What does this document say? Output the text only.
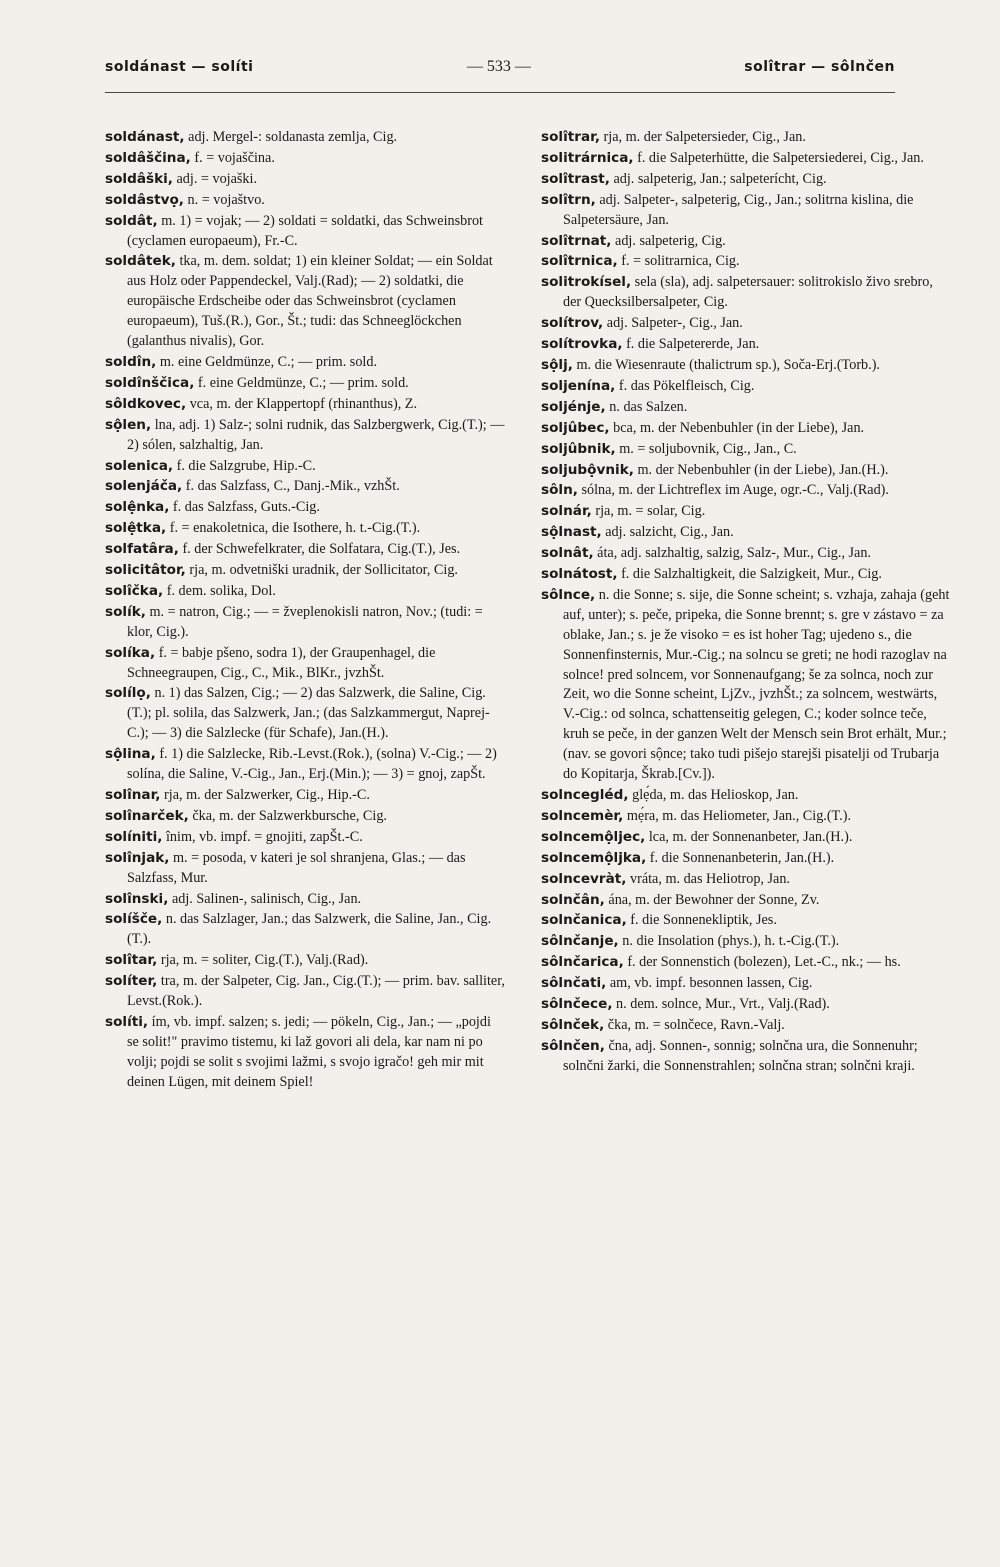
soldánast — solíti	— 533 —	solîtrar — sôlnčen
soldánast, adj. Mergel-: soldanasta zemlja, Cig.
soldâščina, f. = vojaščina.
soldâški, adj. = vojaški.
soldâstvọ, n. = vojaštvo.
soldât, m. 1) = vojak; — 2) soldati = soldatki, das Schweinsbrot (cyclamen europaeum), Fr.-C.
soldâtek, tka, m. dem. soldat; 1) ein kleiner Soldat; — ein Soldat aus Holz oder Pappendeckel, Valj.(Rad); — 2) soldatki, die europäische Erdscheibe oder das Schweinsbrot (cyclamen europaeum), Tuš.(R.), Gor., Št.; tudi: das Schneeglöckchen (galanthus nivalis), Gor.
soldîn, m. eine Geldmünze, C.; — prim. sold.
soldînščica, f. eine Geldmünze, C.; — prim. sold.
sôldkovec, vca, m. der Klappertopf (rhinanthus), Z.
sộlen, lna, adj. 1) Salz-; solni rudnik, das Salzbergwerk, Cig.(T.); — 2) sólen, salzhaltig, Jan.
solenica, f. die Salzgrube, Hip.-C.
solenjáča, f. das Salzfass, C., Danj.-Mik., vzhŠt.
solệnka, f. das Salzfass, Guts.-Cig.
solệtka, f. = enakoletnica, die Isothere, h. t.-Cig.(T.).
solfatâra, f. der Schwefelkrater, die Solfatara, Cig.(T.), Jes.
solicitâtor, rja, m. odvetniški uradnik, der Sollicitator, Cig.
solîčka, f. dem. solika, Dol.
solík, m. = natron, Cig.; — = žveplenokisli natron, Nov.; (tudi: = klor, Cig.).
solíka, f. = babje pšeno, sodra 1), der Graupenhagel, die Schneegraupen, Cig., C., Mik., BlKr., jvzhŠt.
solílọ, n. 1) das Salzen, Cig.; — 2) das Salzwerk, die Saline, Cig.(T.); pl. solila, das Salzwerk, Jan.; (das Salzkammergut, Naprej-C.); — 3) die Salzlecke (für Schafe), Jan.(H.).
sộlina, f. 1) die Salzlecke, Rib.-Levst.(Rok.), (solna) V.-Cig.; — 2) solína, die Saline, V.-Cig., Jan., Erj.(Min.); — 3) = gnoj, zapŠt.
solînar, rja, m. der Salzwerker, Cig., Hip.-C.
solînarček, čka, m. der Salzwerkbursche, Cig.
solíniti, înim, vb. impf. = gnojiti, zapŠt.-C.
solînjak, m. = posoda, v kateri je sol shranjena, Glas.; — das Salzfass, Mur.
solînski, adj. Salinen-, salinisch, Cig., Jan.
solíšče, n. das Salzlager, Jan.; das Salzwerk, die Saline, Jan., Cig.(T.).
solîtar, rja, m. = soliter, Cig.(T.), Valj.(Rad).
solíter, tra, m. der Salpeter, Cig. Jan., Cig.(T.); — prim. bav. salliter, Levst.(Rok.).
solíti, ím, vb. impf. salzen; s. jedi; — pökeln, Cig., Jan.; — „pojdi se solit!" pravimo tistemu, ki laž govori ali dela, kar nam ni po volji; pojdi se solit s svojimi lažmi, s svojo igračo! geh mir mit deinen Lügen, mit deinem Spiel!
solîtrar, rja, m. der Salpetersieder, Cig., Jan.
solitrárnica, f. die Salpeterhütte, die Salpetersiederei, Cig., Jan.
solîtrast, adj. salpeterig, Jan.; salpeterícht, Cig.
solîtrn, adj. Salpeter-, salpeterig, Cig., Jan.; solitrna kislina, die Salpetersäure, Jan.
solîtrnat, adj. salpeterig, Cig.
solîtrnica, f. = solitrarnica, Cig.
solitrokísel, sela (sla), adj. salpetersauer: solitrokislo živo srebro, der Quecksilbersalpeter, Cig.
solítrov, adj. Salpeter-, Cig., Jan.
solítrovka, f. die Salpetererde, Jan.
sộlj, m. die Wiesenraute (thalictrum sp.), Soča-Erj.(Torb.).
soljenína, f. das Pökelfleisch, Cig.
soljénje, n. das Salzen.
soljûbec, bca, m. der Nebenbuhler (in der Liebe), Jan.
soljûbnik, m. = soljubovnik, Cig., Jan., C.
soljubộvnik, m. der Nebenbuhler (in der Liebe), Jan.(H.).
sôln, sólna, m. der Lichtreflex im Auge, ogr.-C., Valj.(Rad).
solnár, rja, m. = solar, Cig.
sộlnast, adj. salzicht, Cig., Jan.
solnât, áta, adj. salzhaltig, salzig, Salz-, Mur., Cig., Jan.
solnátost, f. die Salzhaltigkeit, die Salzigkeit, Mur., Cig.
sôlnce, n. die Sonne; s. sije, die Sonne scheint; s. vzhaja, zahaja (geht auf, unter); s. peče, pripeka, die Sonne brennt; s. gre v zástavo = za oblake, Jan.; s. je že visoko = es ist hoher Tag; ujedeno s., die Sonnenfinsternis, Mur.-Cig.; na solncu se greti; ne hodi razoglav na solnce! pred solncem, vor Sonnenaufgang; še za solnca, noch zur Zeit, wo die Sonne scheint, LjZv., jvzhŠt.; za solncem, westwärts, V.-Cig.: od solnca, schattenseitig gelegen, C.; koder solnce teče, kruh se peče, in der ganzen Welt der Mensch sein Brot erhält, Mur.; (nav. se govori sộnce; tako tudi pišejo starejši pisatelji od Trubarja do Kopitarja, Škrab.[Cv.]).
solncegléd, glẹ́da, m. das Helioskop, Jan.
solncemèr, mẹ́ra, m. das Heliometer, Jan., Cig.(T.).
solncemộljec, lca, m. der Sonnenanbeter, Jan.(H.).
solncemộljka, f. die Sonnenanbeterin, Jan.(H.).
solncevràt, vráta, m. das Heliotrop, Jan.
solnčân, ána, m. der Bewohner der Sonne, Zv.
solnčanica, f. die Sonnenekliptik, Jes.
sôlnčanje, n. die Insolation (phys.), h. t.-Cig.(T.).
sôlnčarica, f. der Sonnenstich (bolezen), Let.-C., nk.; — hs.
sôlnčati, am, vb. impf. besonnen lassen, Cig.
sôlnčece, n. dem. solnce, Mur., Vrt., Valj.(Rad).
sôlnček, čka, m. = solnčece, Ravn.-Valj.
sôlnčen, čna, adj. Sonnen-, sonnig; solnčna ura, die Sonnenuhr; solnčni žarki, die Sonnenstrahlen; solnčna stran; solnčni kraji.
